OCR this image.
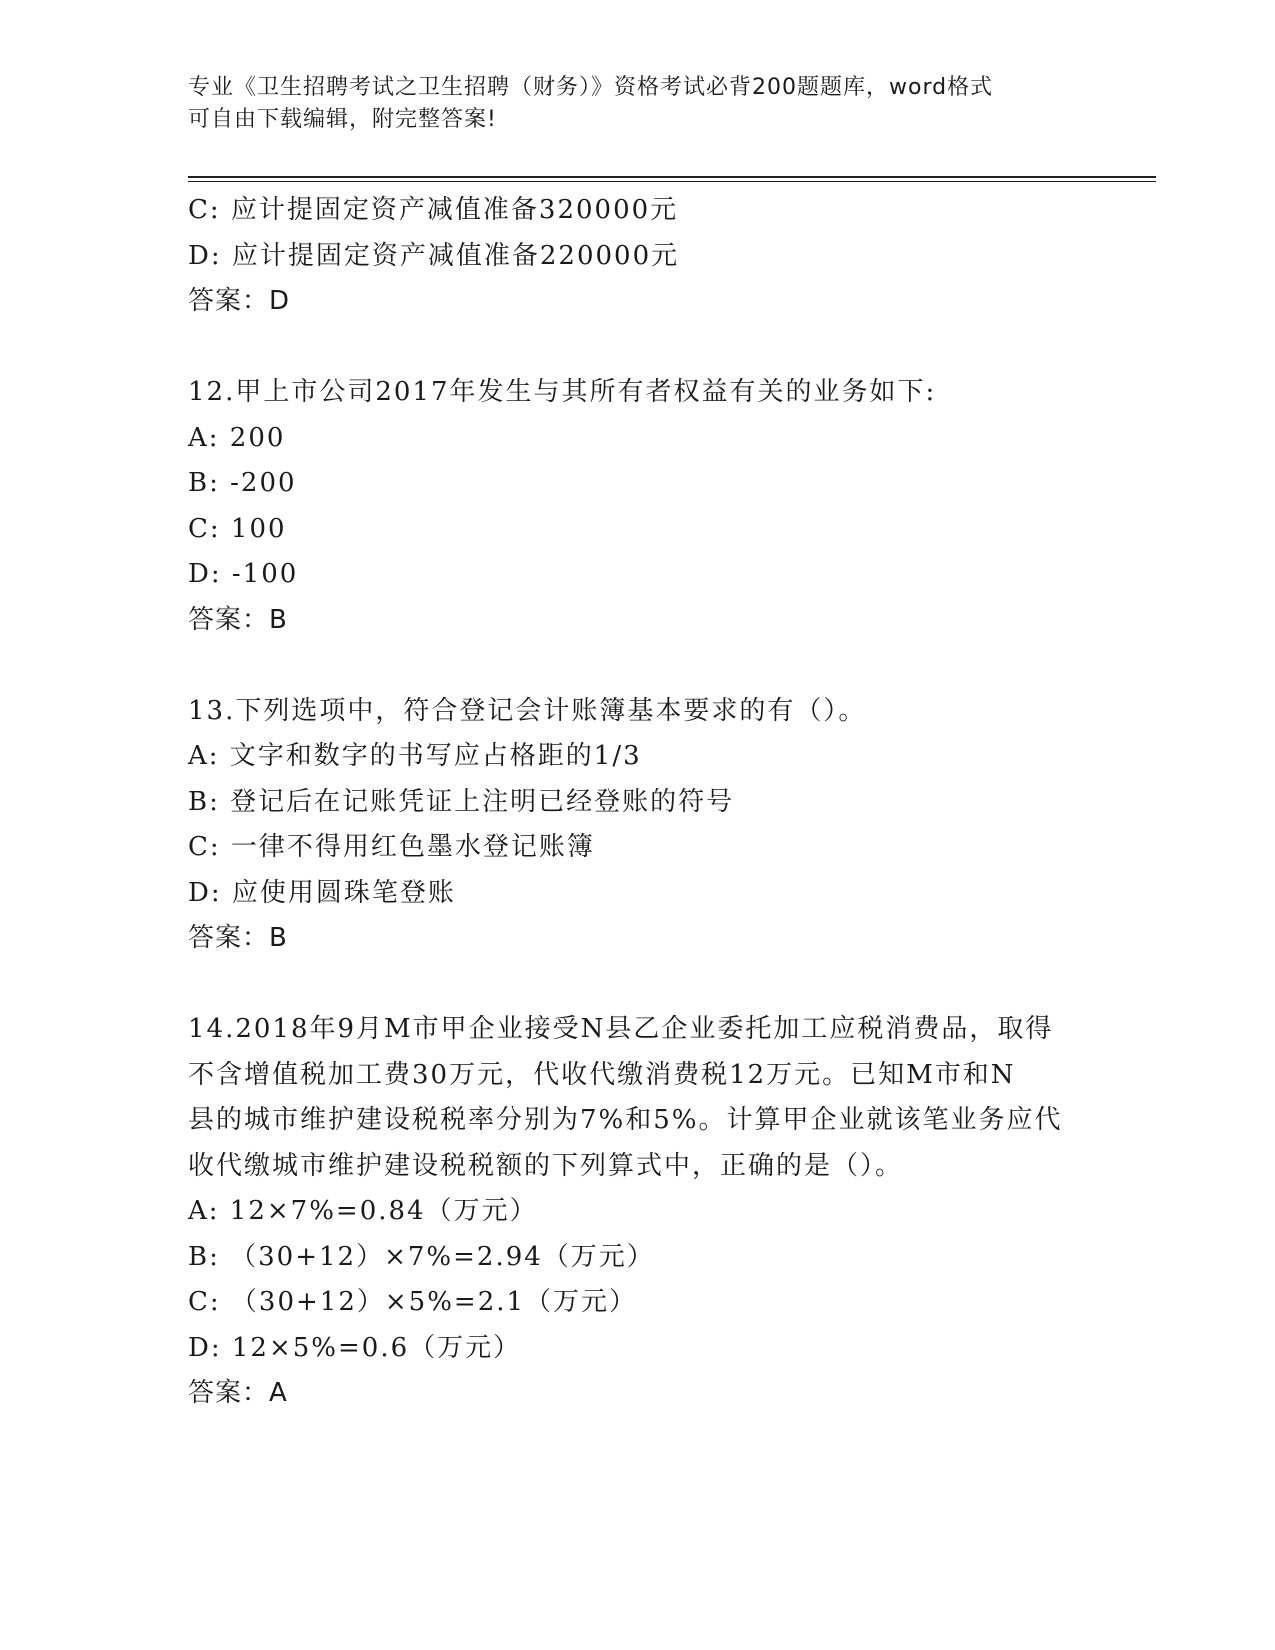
专业《卫生招聘考试之卫生招聘（财务）》资格考试必背200题题库，word格式
可自由下载编辑，附完整答案!
C: 应计提固定资产减值准备320000元
D: 应计提固定资产减值准备220000元
答案：D
12.甲上市公司2017年发生与其所有者权益有关的业务如下:
A: 200
B: -200
C: 100
D: -100
答案：B
13.下列选项中，符合登记会计账簿基本要求的有（）。
A: 文字和数字的书写应占格距的1/3
B: 登记后在记账凭证上注明已经登账的符号
C: 一律不得用红色墨水登记账簿
D: 应使用圆珠笔登账
答案：B
14.2018年9月M市甲企业接受N县乙企业委托加工应税消费品，取得
不含增值税加工费30万元，代收代缴消费税12万元。已知M市和N
县的城市维护建设税税率分别为7%和5%。计算甲企业就该笔业务应代
收代缴城市维护建设税税额的下列算式中，正确的是（）。
A: 12×7%=0.84（万元）
B: （30+12）×7%=2.94（万元）
C: （30+12）×5%=2.1（万元）
D: 12×5%=0.6（万元）
答案：A
